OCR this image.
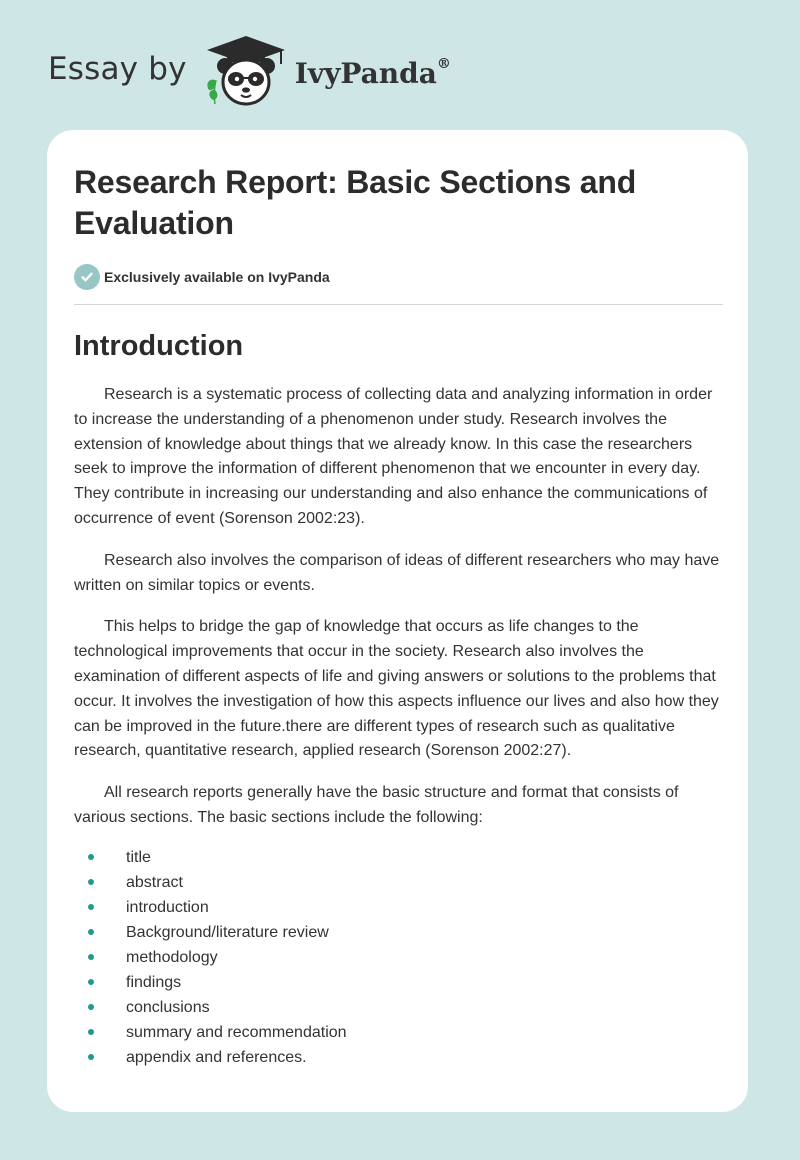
Essay by	IvyPanda®
Research Report: Basic Sections and Evaluation
Exclusively available on IvyPanda
Introduction

Research is a systematic process of collecting data and analyzing information in order to increase the understanding of a phenomenon under study. Research involves the extension of knowledge about things that we already know. In this case the researchers seek to improve the information of different phenomenon that we encounter in every day. They contribute in increasing our understanding and also enhance the communications of occurrence of event (Sorenson 2002:23).

Research also involves the comparison of ideas of different researchers who may have written on similar topics or events.

This helps to bridge the gap of knowledge that occurs as life changes to the technological improvements that occur in the society. Research also involves the examination of different aspects of life and giving answers or solutions to the problems that occur. It involves the investigation of how this aspects influence our lives and also how they can be improved in the future.there are different types of research such as qualitative research, quantitative research, applied research (Sorenson 2002:27).

All research reports generally have the basic structure and format that consists of various sections. The basic sections include the following:

title
abstract
introduction
Background/literature review
methodology
findings
conclusions
summary and recommendation
appendix and references.
